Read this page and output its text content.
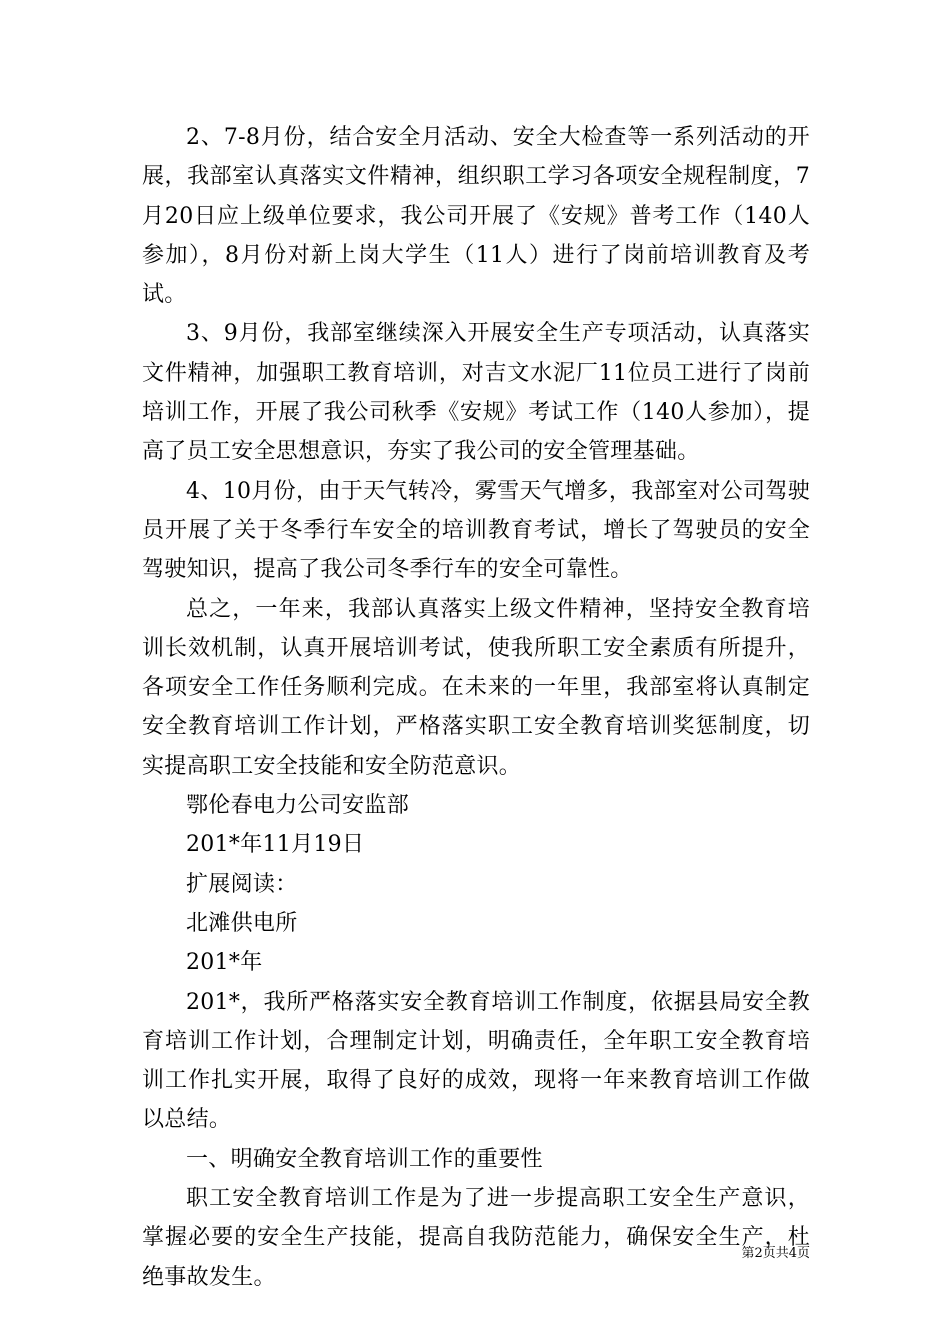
2、7-8月份，结合安全月活动、安全大检查等一系列活动的开展，我部室认真落实文件精神，组织职工学习各项安全规程制度，7月20日应上级单位要求，我公司开展了《安规》普考工作（140人参加），8月份对新上岗大学生（11人）进行了岗前培训教育及考试。

3、9月份，我部室继续深入开展安全生产专项活动，认真落实文件精神，加强职工教育培训，对吉文水泥厂11位员工进行了岗前培训工作，开展了我公司秋季《安规》考试工作（140人参加），提高了员工安全思想意识，夯实了我公司的安全管理基础。

4、10月份，由于天气转冷，雾雪天气增多，我部室对公司驾驶员开展了关于冬季行车安全的培训教育考试，增长了驾驶员的安全驾驶知识，提高了我公司冬季行车的安全可靠性。

总之，一年来，我部认真落实上级文件精神，坚持安全教育培训长效机制，认真开展培训考试，使我所职工安全素质有所提升，各项安全工作任务顺利完成。在未来的一年里，我部室将认真制定安全教育培训工作计划，严格落实职工安全教育培训奖惩制度，切实提高职工安全技能和安全防范意识。

鄂伦春电力公司安监部

201*年11月19日

扩展阅读：

北滩供电所

201*年

201*，我所严格落实安全教育培训工作制度，依据县局安全教育培训工作计划，合理制定计划，明确责任，全年职工安全教育培训工作扎实开展，取得了良好的成效，现将一年来教育培训工作做以总结。

一、明确安全教育培训工作的重要性

职工安全教育培训工作是为了进一步提高职工安全生产意识，掌握必要的安全生产技能，提高自我防范能力，确保安全生产，杜绝事故发生。

第2页共4页
